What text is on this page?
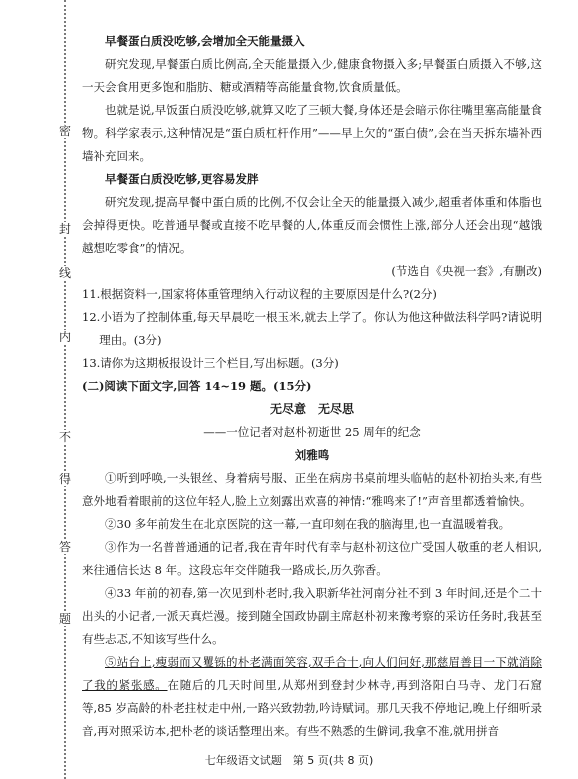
密
封
线
内
不
得
答
题

早餐蛋白质没吃够,会增加全天能量摄入

研究发现,早餐蛋白质比例高,全天能量摄入少,健康食物摄入多;早餐蛋白质摄入不够,这一天会食用更多饱和脂肪、糖或酒精等高能量食物,饮食质量低。

也就是说,早饭蛋白质没吃够,就算又吃了三顿大餐,身体还是会暗示你往嘴里塞高能量食物。科学家表示,这种情况是“蛋白质杠杆作用”——早上欠的“蛋白债”,会在当天拆东墙补西墙补充回来。

早餐蛋白质没吃够,更容易发胖

研究发现,提高早餐中蛋白质的比例,不仅会让全天的能量摄入减少,超重者体重和体脂也会掉得更快。吃普通早餐或直接不吃早餐的人,体重反而会惯性上涨,部分人还会出现“越饿越想吃零食”的情况。

(节选自《央视一套》,有删改)

11.根据资料一,国家将体重管理纳入行动议程的主要原因是什么?(2分)

12.小语为了控制体重,每天早晨吃一根玉米,就去上学了。你认为他这种做法科学吗?请说明理由。(3分)

13.请你为这期板报设计三个栏目,写出标题。(3分)

(二)阅读下面文字,回答 14~19 题。(15分)

无尽意　无尽思

——一位记者对赵朴初逝世 25 周年的纪念

刘雅鸣

①听到呼唤,一头银丝、身着病号服、正坐在病房书桌前埋头临帖的赵朴初抬头来,有些意外地看着眼前的这位年轻人,脸上立刻露出欢喜的神情:“雅鸣来了!”声音里都透着愉快。

②30 多年前发生在北京医院的这一幕,一直印刻在我的脑海里,也一直温暖着我。

③作为一名普普通通的记者,我在青年时代有幸与赵朴初这位广受国人敬重的老人相识,来往通信长达 8 年。这段忘年交伴随我一路成长,历久弥香。

④33 年前的初春,第一次见到朴老时,我入职新华社河南分社不到 3 年时间,还是个二十出头的小记者,一派天真烂漫。接到随全国政协副主席赵朴初来豫考察的采访任务时,我甚至有些忐忑,不知该写些什么。

⑤站台上,瘦弱而又矍铄的朴老满面笑容,双手合十,向人们问好,那慈眉善目一下就消除了我的紧张感。在随后的几天时间里,从郑州到登封少林寺,再到洛阳白马寺、龙门石窟等,85 岁高龄的朴老拄杖走中州,一路兴致勃勃,吟诗赋词。那几天我不停地记,晚上仔细听录音,再对照采访本,把朴老的谈话整理出来。有些不熟悉的生僻词,我拿不准,就用拼音

七年级语文试题　第 5 页(共 8 页)
